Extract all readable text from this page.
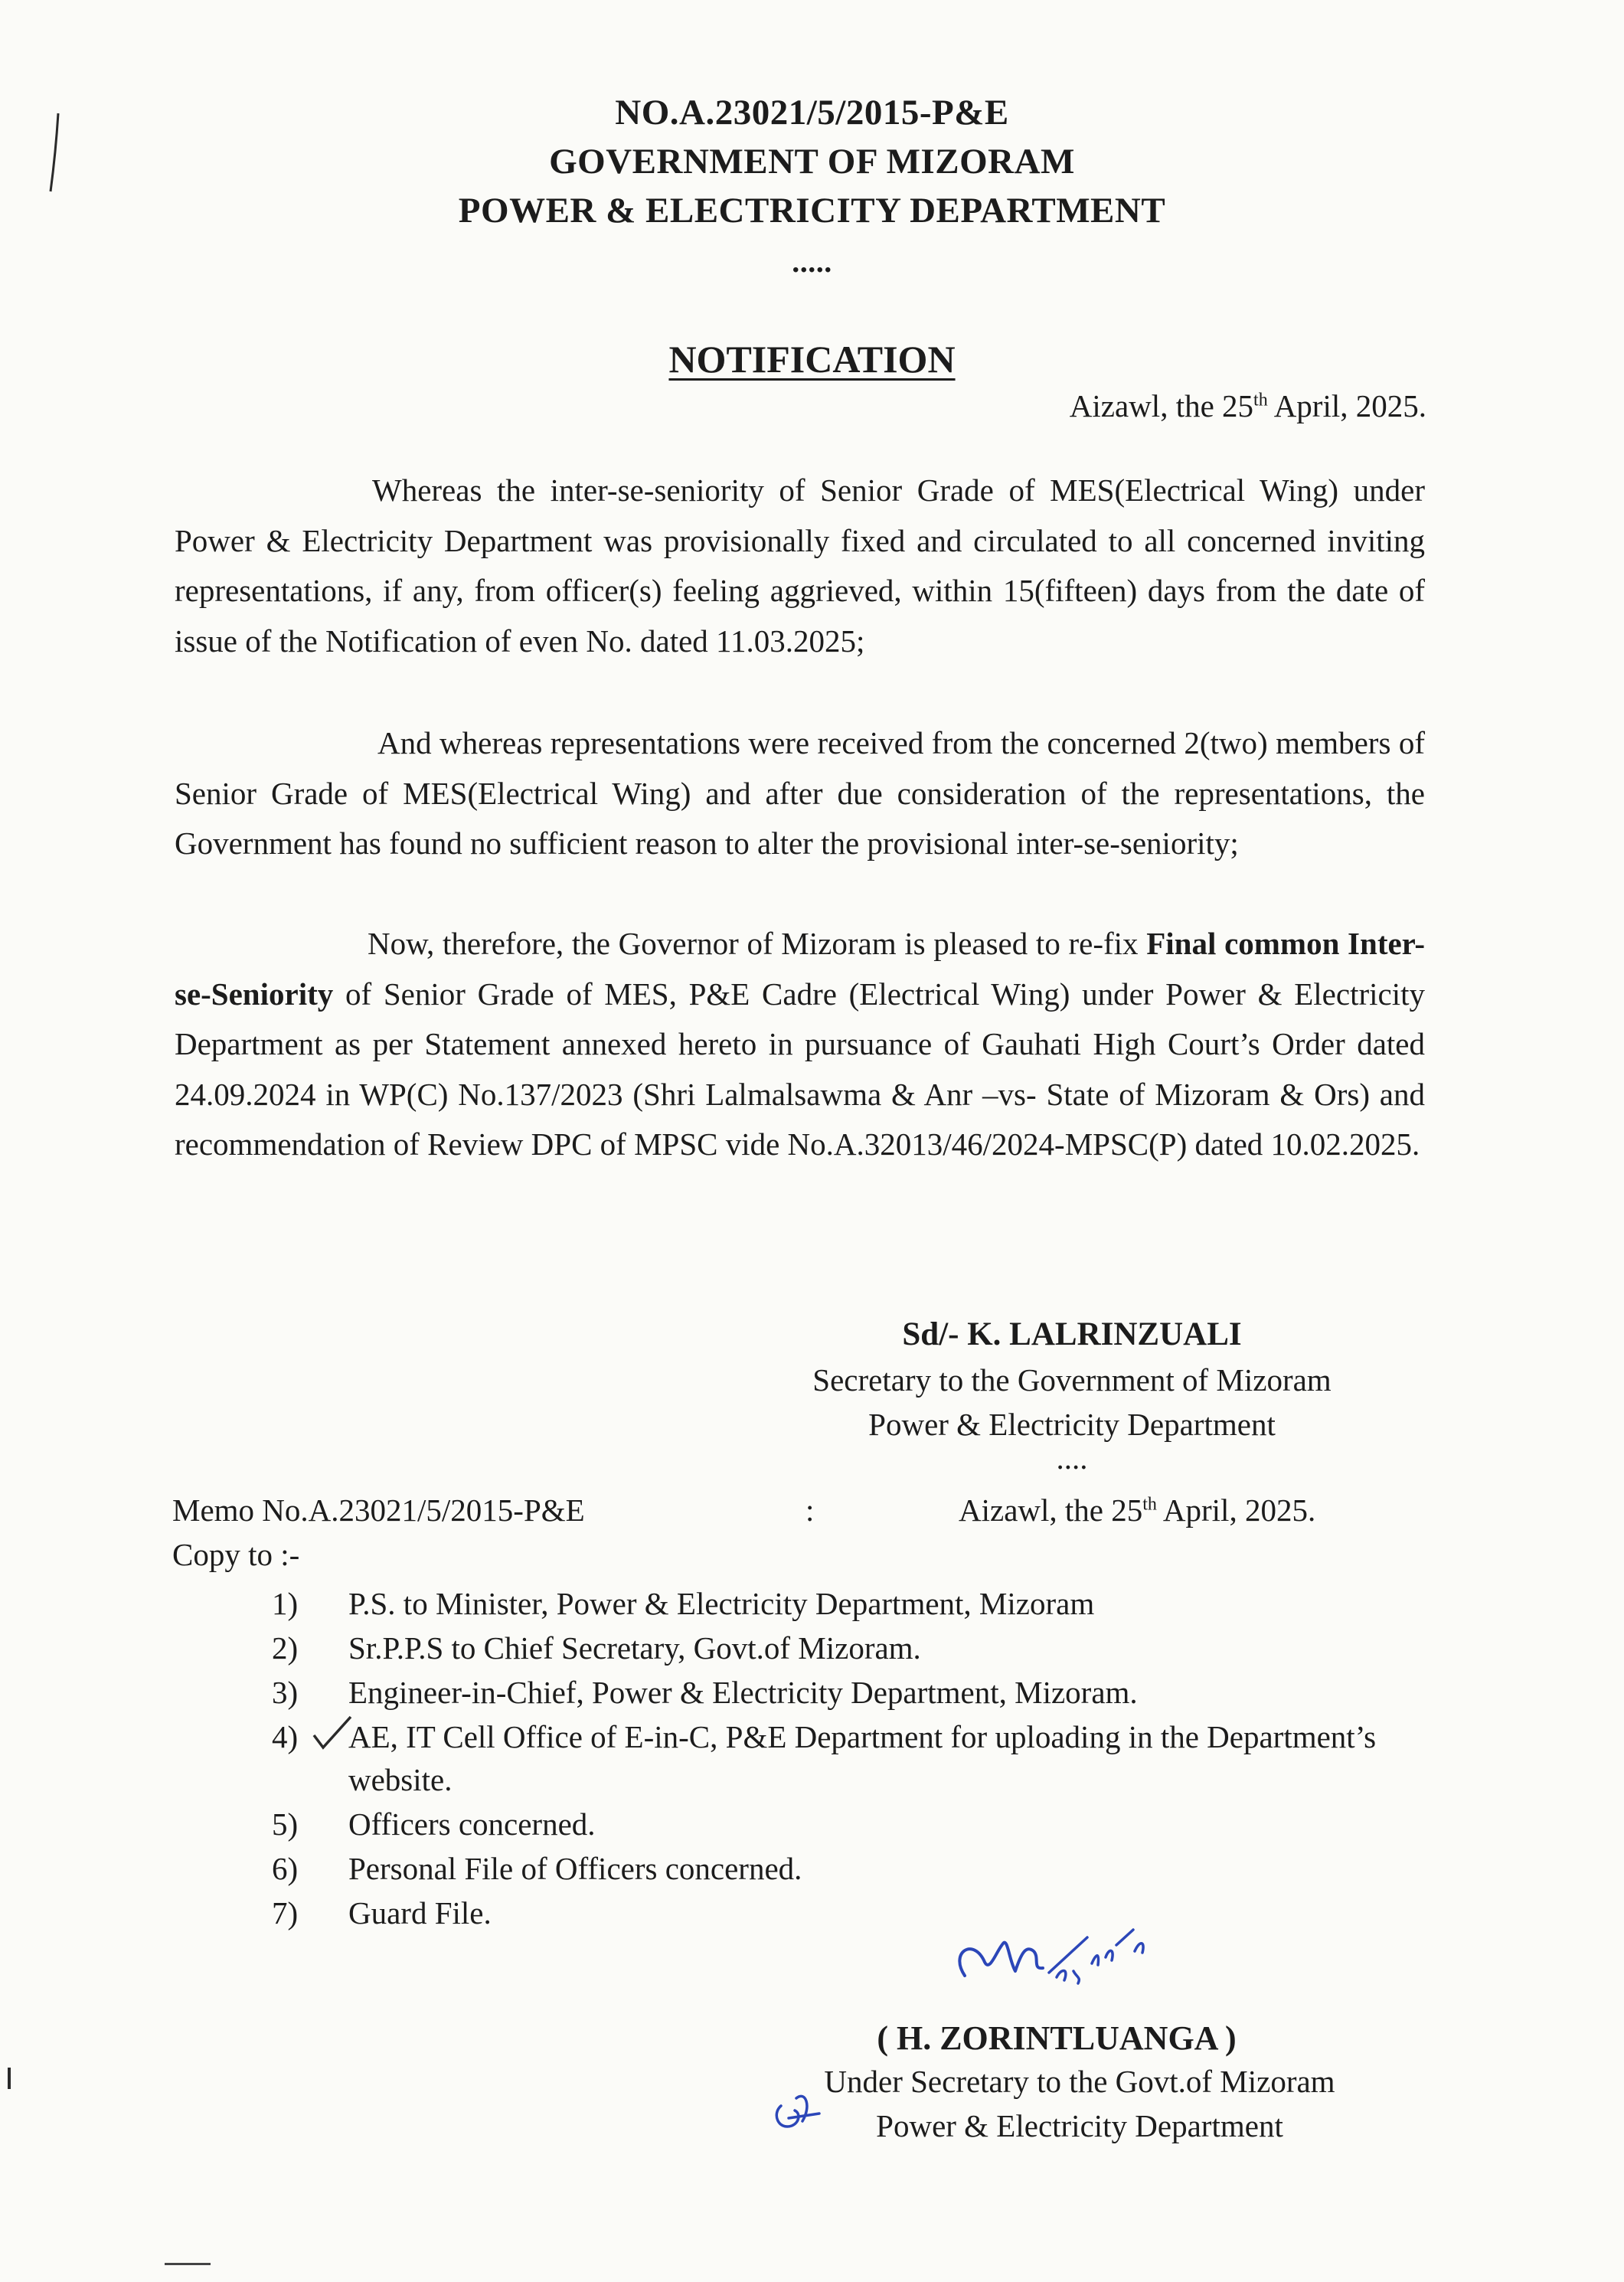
NO.A.23021/5/2015-P&E
GOVERNMENT OF MIZORAM
POWER & ELECTRICITY DEPARTMENT
.....
NOTIFICATION
Aizawl, the 25th April, 2025.
Whereas the inter-se-seniority of Senior Grade of MES(Electrical Wing) under Power & Electricity Department was provisionally fixed and circulated to all concerned inviting representations, if any, from officer(s) feeling aggrieved, within 15(fifteen) days from the date of issue of the Notification of even No. dated 11.03.2025;
And whereas representations were received from the concerned 2(two) members of Senior Grade of MES(Electrical Wing) and after due consideration of the representations, the Government has found no sufficient reason to alter the provisional inter-se-seniority;
Now, therefore, the Governor of Mizoram is pleased to re-fix Final common Inter-se-Seniority of Senior Grade of MES, P&E Cadre (Electrical Wing) under Power & Electricity Department as per Statement annexed hereto in pursuance of Gauhati High Court’s Order dated 24.09.2024 in WP(C) No.137/2023 (Shri Lalmalsawma & Anr –vs- State of Mizoram & Ors) and recommendation of Review DPC of MPSC vide No.A.32013/46/2024-MPSC(P) dated 10.02.2025.
Sd/- K. LALRINZUALI
Secretary to the Government of Mizoram
Power & Electricity Department
....
Memo No.A.23021/5/2015-P&E	:	Aizawl, the 25th April, 2025.
Copy to :-
1)	P.S. to Minister, Power & Electricity Department, Mizoram
2)	Sr.P.P.S to Chief Secretary, Govt.of Mizoram.
3)	Engineer-in-Chief, Power & Electricity Department, Mizoram.
4)	AE, IT Cell Office of E-in-C, P&E Department for uploading in the Department’s website.
5)	Officers concerned.
6)	Personal File of Officers concerned.
7)	Guard File.
( H. ZORINTLUANGA )
Under Secretary to the Govt.of Mizoram
Power & Electricity Department
